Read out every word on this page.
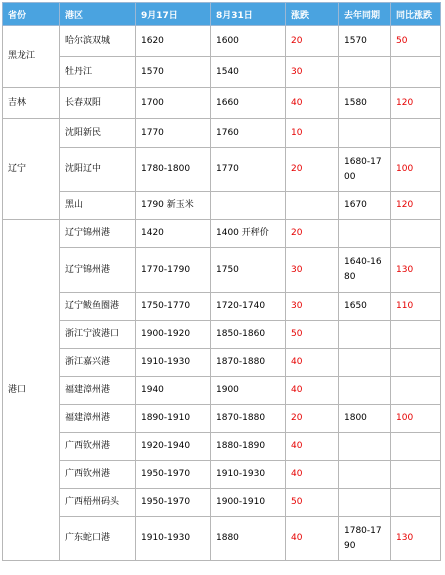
省份	港区	9月17日	8月31日	涨跌	去年同期	同比涨跌
黑龙江	哈尔滨双城	1620	1600	20	1570	50
	牡丹江	1570	1540	30		
吉林	长春双阳	1700	1660	40	1580	120
辽宁	沈阳新民	1770	1760	10		
	沈阳辽中	1780-1800	1770	20	1680-1700	100
	黑山	1790 新玉米			1670	120
港口	辽宁锦州港	1420	1400 开秤价	20		
	辽宁锦州港	1770-1790	1750	30	1640-1680	130
	辽宁鲅鱼圈港	1750-1770	1720-1740	30	1650	110
	浙江宁波港口	1900-1920	1850-1860	50		
	浙江嘉兴港	1910-1930	1870-1880	40		
	福建漳州港	1940	1900	40		
	福建漳州港	1890-1910	1870-1880	20	1800	100
	广西钦州港	1920-1940	1880-1890	40		
	广西钦州港	1950-1970	1910-1930	40		
	广西梧州码头	1950-1970	1900-1910	50		
	广东蛇口港	1910-1930	1880	40	1780-1790	130
